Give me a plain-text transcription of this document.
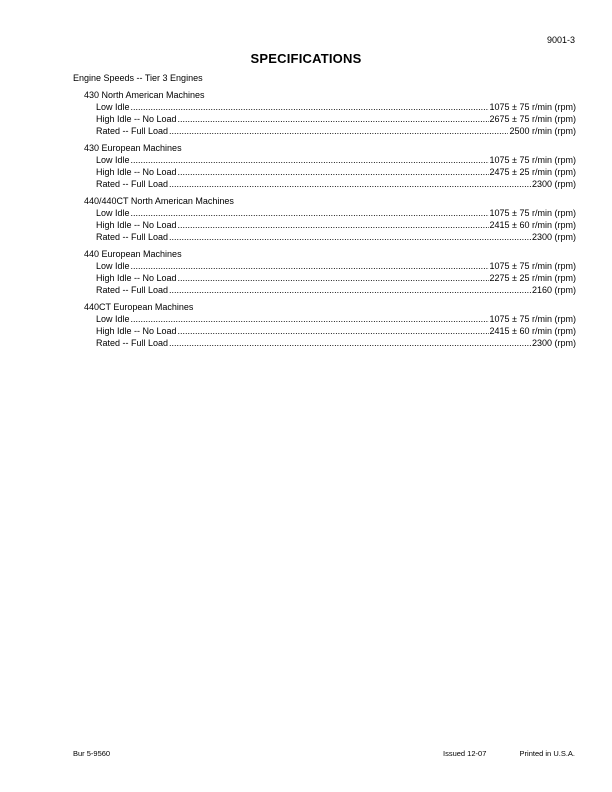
9001-3
SPECIFICATIONS
Engine Speeds -- Tier 3 Engines
430 North American Machines
Low Idle .....	1075 ± 75 r/min (rpm)
High Idle -- No Load .....	2675 ± 75 r/min (rpm)
Rated -- Full Load .....	2500 r/min (rpm)
430 European Machines
Low Idle .....	1075 ± 75 r/min (rpm)
High Idle -- No Load .....	2475 ± 25 r/min (rpm)
Rated -- Full Load .....	2300 (rpm)
440/440CT North American Machines
Low Idle .....	1075 ± 75 r/min (rpm)
High Idle -- No Load .....	2415 ± 60 r/min (rpm)
Rated -- Full Load .....	2300 (rpm)
440 European Machines
Low Idle .....	1075 ± 75 r/min (rpm)
High Idle -- No Load .....	2275 ± 25 r/min (rpm)
Rated -- Full Load .....	2160 (rpm)
440CT European Machines
Low Idle .....	1075 ± 75 r/min (rpm)
High Idle -- No Load .....	2415 ± 60 r/min (rpm)
Rated -- Full Load .....	2300 (rpm)
Bur 5-9560	Issued 12-07	Printed in U.S.A.
